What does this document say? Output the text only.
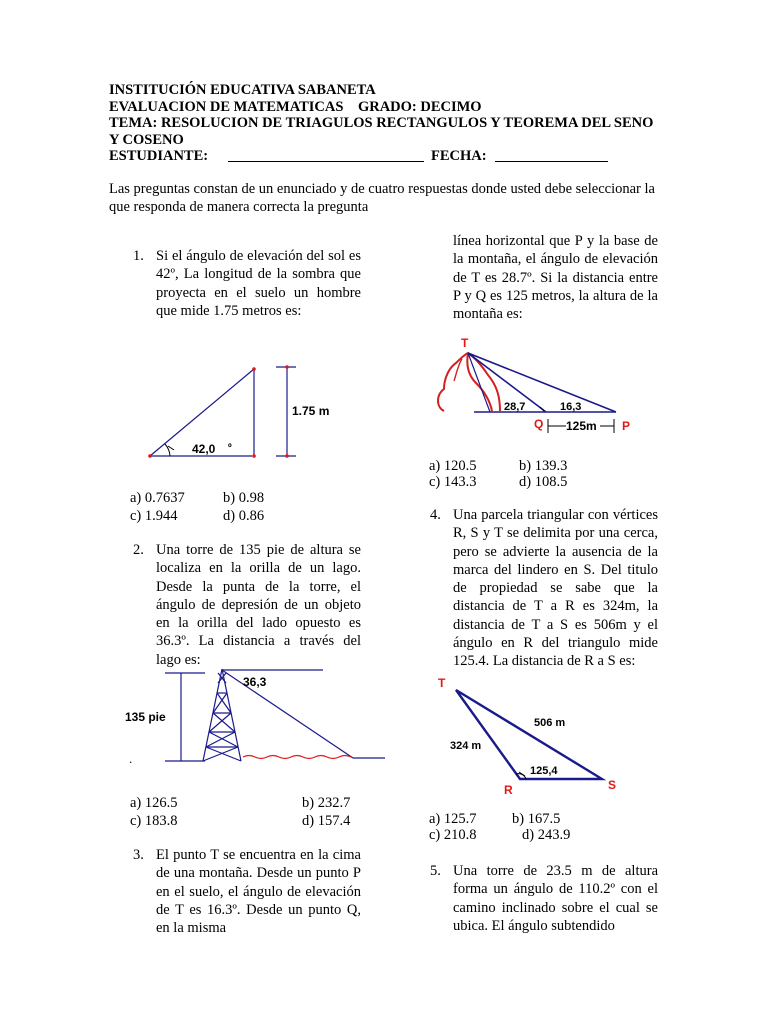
INSTITUCIÓN EDUCATIVA SABANETA
EVALUACION DE MATEMATICAS    GRADO: DECIMO
TEMA: RESOLUCION DE TRIAGULOS RECTANGULOS Y TEOREMA DEL SENO
Y COSENO
ESTUDIANTE:	FECHA:
Las preguntas constan de un enunciado y de cuatro respuestas donde usted debe seleccionar la que responda de manera correcta la pregunta
1. Si el ángulo de elevación del sol es 42º, La longitud de la sombra que proyecta en el suelo un hombre que mide 1.75 metros es:
42,0 º
1.75 m
a) 0.7637	b) 0.98
c) 1.944	d) 0.86
2. Una torre de 135 pie de altura se localiza en la orilla de un lago. Desde la punta de la torre, el ángulo de depresión de un objeto en la orilla del lado opuesto es 36.3º. La distancia a través del lago es:
135 pie
.
36,3
a) 126.5	b) 232.7
c) 183.8	d) 157.4
3. El punto T se encuentra en la cima de una montaña. Desde un punto P en el suelo, el ángulo de elevación de T es 16.3º. Desde un punto Q, en la misma
línea horizontal que P y la base de la montaña, el ángulo de elevación de T es 28.7º. Si la distancia entre P y Q es 125 metros, la altura de la montaña es:
T
28,7	16,3
Q 125m P
a) 120.5	b) 139.3
c) 143.3	d) 108.5
4. Una parcela triangular con vértices R, S y T se delimita por una cerca, pero se advierte la ausencia de la marca del lindero en S. Del titulo de propiedad se sabe que la distancia de T a R es 324m, la distancia de T a S es 506m y el ángulo en R del triangulo mide 125.4. La distancia de R a S es:
T
506 m
324 m
125,4
R	S
a) 125.7 b) 167.5
c) 210.8	d) 243.9
5. Una torre de 23.5 m de altura forma un ángulo de 110.2º con el camino inclinado sobre el cual se ubica. El ángulo subtendido
